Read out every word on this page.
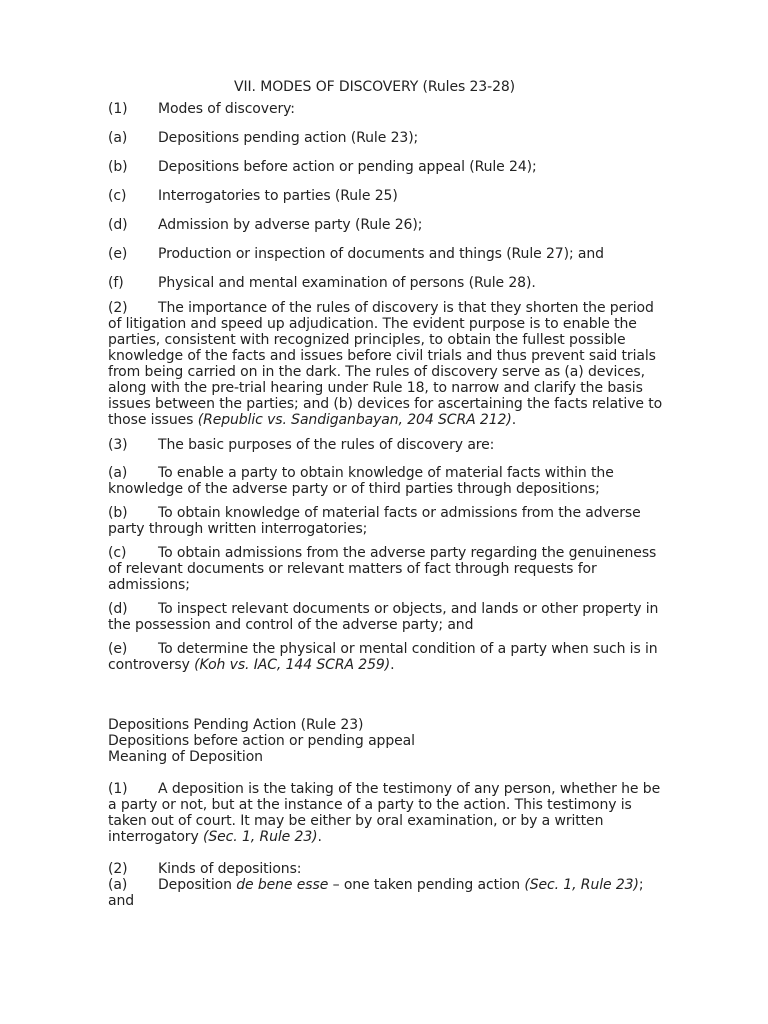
VII. MODES OF DISCOVERY (Rules 23-28)
(1) Modes of discovery:
(a) Depositions pending action (Rule 23);
(b) Depositions before action or pending appeal (Rule 24);
(c) Interrogatories to parties (Rule 25)
(d) Admission by adverse party (Rule 26);
(e) Production or inspection of documents and things (Rule 27); and
(f) Physical and mental examination of persons (Rule 28).

(2) The importance of the rules of discovery is that they shorten the period of litigation and speed up adjudication. The evident purpose is to enable the parties, consistent with recognized principles, to obtain the fullest possible knowledge of the facts and issues before civil trials and thus prevent said trials from being carried on in the dark. The rules of discovery serve as (a) devices, along with the pre-trial hearing under Rule 18, to narrow and clarify the basis issues between the parties; and (b) devices for ascertaining the facts relative to those issues (Republic vs. Sandiganbayan, 204 SCRA 212).

(3) The basic purposes of the rules of discovery are:

(a) To enable a party to obtain knowledge of material facts within the knowledge of the adverse party or of third parties through depositions;

(b) To obtain knowledge of material facts or admissions from the adverse party through written interrogatories;

(c) To obtain admissions from the adverse party regarding the genuineness of relevant documents or relevant matters of fact through requests for admissions;

(d) To inspect relevant documents or objects, and lands or other property in the possession and control of the adverse party; and

(e) To determine the physical or mental condition of a party when such is in controversy (Koh vs. IAC, 144 SCRA 259).

Depositions Pending Action (Rule 23)
Depositions before action or pending appeal
Meaning of Deposition

(1) A deposition is the taking of the testimony of any person, whether he be a party or not, but at the instance of a party to the action. This testimony is taken out of court. It may be either by oral examination, or by a written interrogatory (Sec. 1, Rule 23).

(2) Kinds of depositions:

(a) Deposition de bene esse – one taken pending action (Sec. 1, Rule 23); and
